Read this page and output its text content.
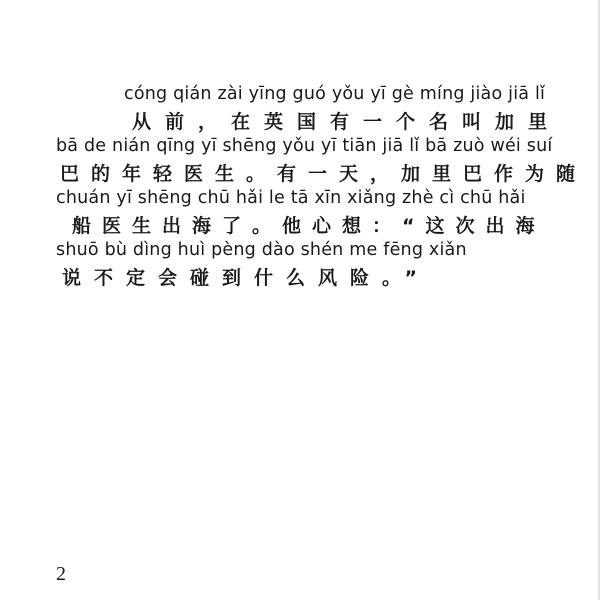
cóng qián zài yīng guó yǒu yī gè míng jiào jiā lǐ
从前，在英国有一个名叫加里
bā de nián qīng yī shēng yǒu yī tiān jiā lǐ bā zuò wéi suí
巴的年轻医生。有一天，加里巴作为随
chuán yī shēng chū hǎi le tā xīn xiǎng zhè cì chū hǎi
船医生出海了。他心想：“这次出海
shuō bù dìng huì pèng dào shén me fēng xiǎn
说不定会碰到什么风险。”
2
